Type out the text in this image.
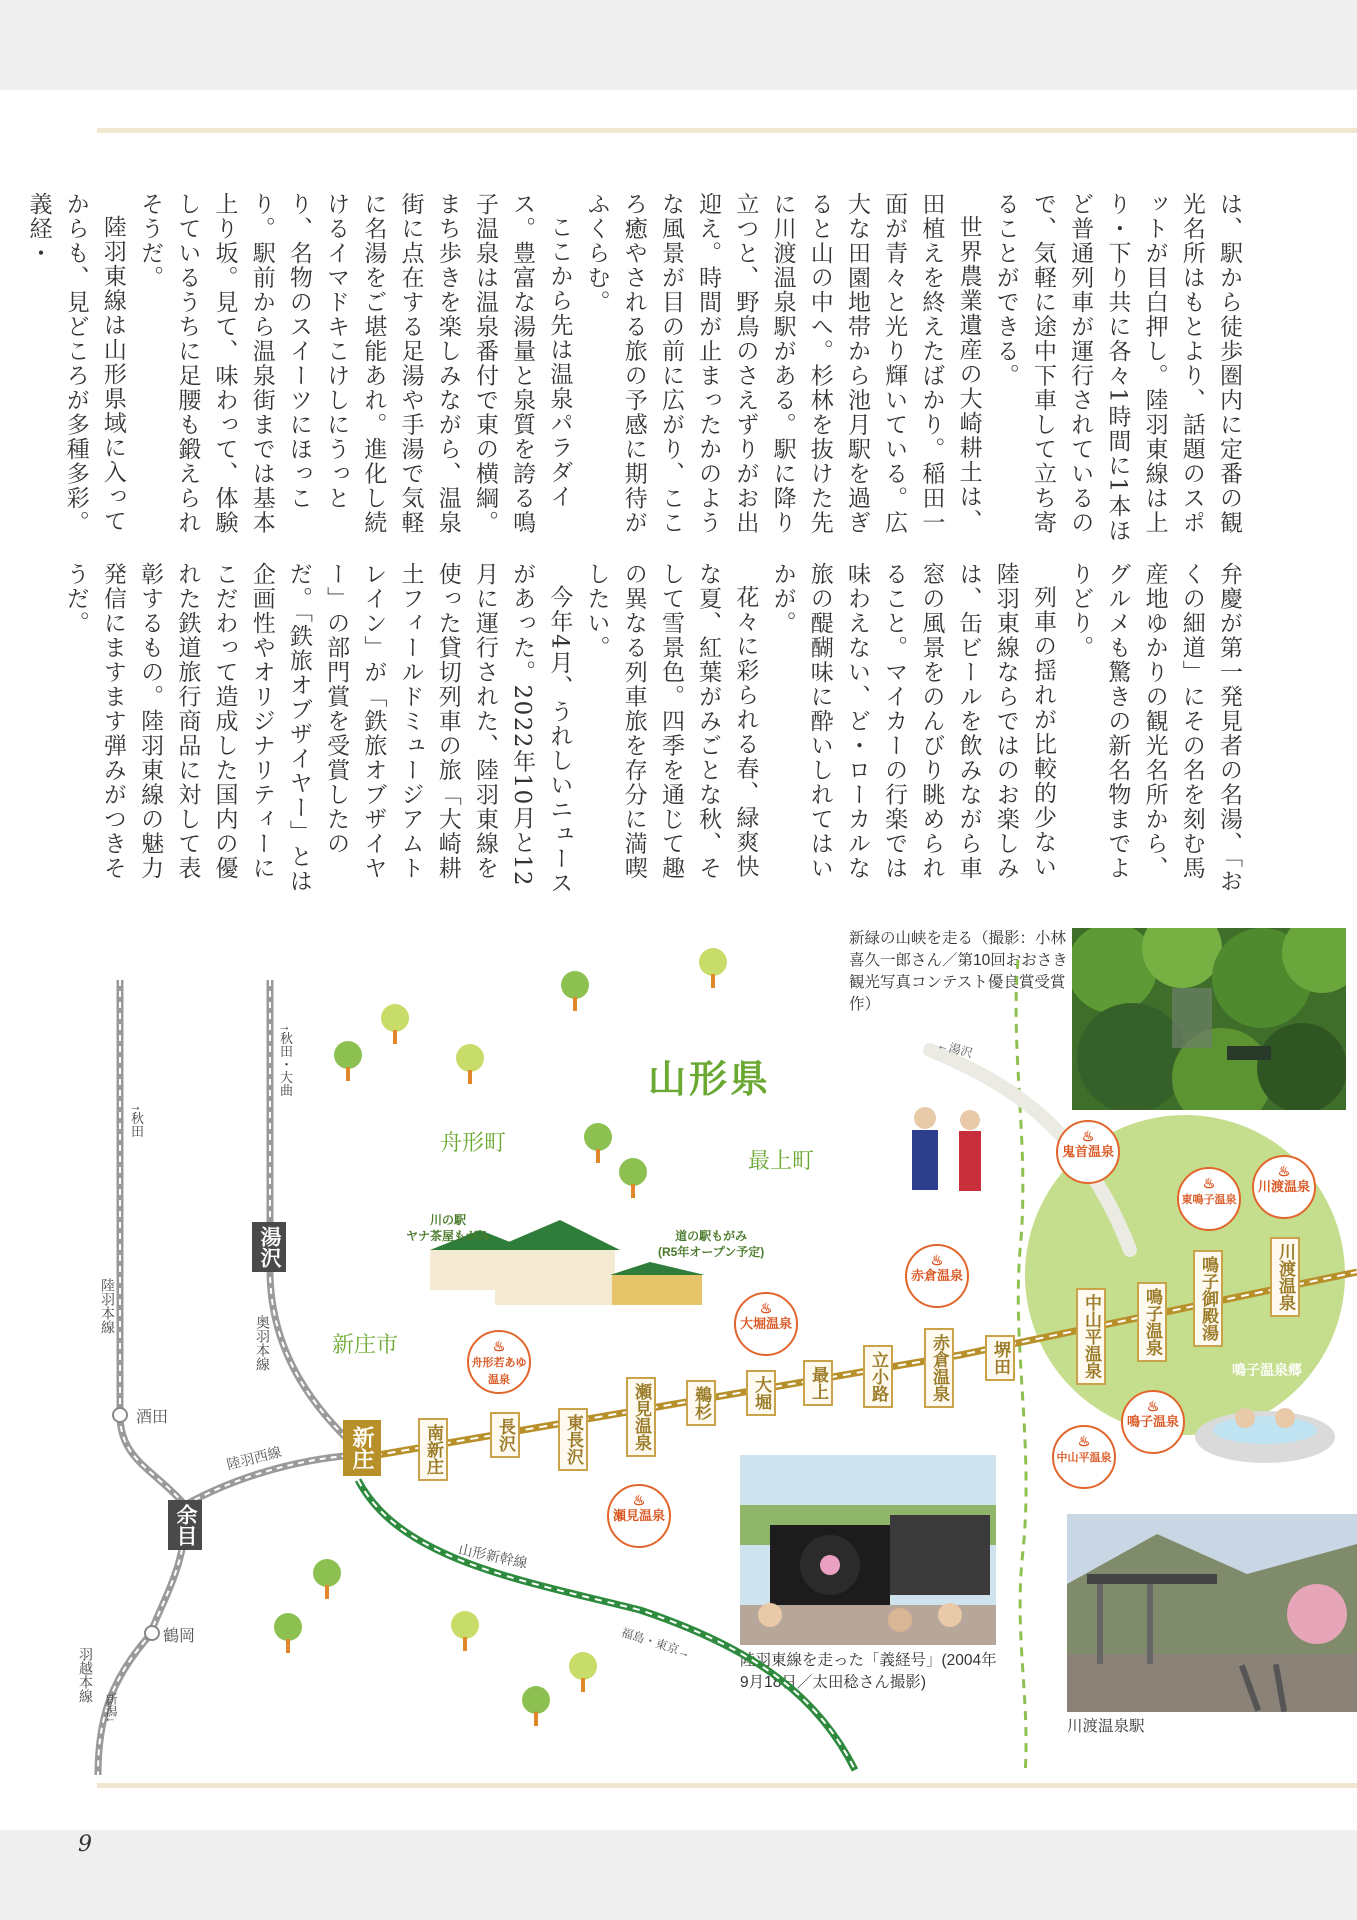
は、駅から徒歩圏内に定番の観光名所はもとより、話題のスポットが目白押し。陸羽東線は上り・下り共に各々1時間に1本ほど普通列車が運行されているので、気軽に途中下車して立ち寄ることができる。

世界農業遺産の大崎耕土は、田植えを終えたばかり。稲田一面が青々と光り輝いている。広大な田園地帯から池月駅を過ぎると山の中へ。杉林を抜けた先に川渡温泉駅がある。駅に降り立つと、野鳥のさえずりがお出迎え。時間が止まったかのような風景が目の前に広がり、こころ癒やされる旅の予感に期待がふくらむ。

ここから先は温泉パラダイス。豊富な湯量と泉質を誇る鳴子温泉は温泉番付で東の横綱。まち歩きを楽しみながら、温泉街に点在する足湯や手湯で気軽に名湯をご堪能あれ。進化し続けるイマドキこけしにうっとり、名物のスイーツにほっこり。駅前から温泉街までは基本上り坂。見て、味わって、体験しているうちに足腰も鍛えられそうだ。

陸羽東線は山形県域に入ってからも、見どころが多種多彩。義経・

弁慶が第一発見者の名湯、「おくの細道」にその名を刻む馬産地ゆかりの観光名所から、グルメも驚きの新名物までよりどり。

列車の揺れが比較的少ない陸羽東線ならではのお楽しみは、缶ビールを飲みながら車窓の風景をのんびり眺められること。マイカーの行楽では味わえない、ど・ローカルな旅の醍醐味に酔いしれてはいかが。

花々に彩られる春、緑爽快な夏、紅葉がみごとな秋、そして雪景色。四季を通じて趣の異なる列車旅を存分に満喫したい。

今年4月、うれしいニュースがあった。2022年10月と12月に運行された、陸羽東線を使った貸切列車の旅「大崎耕土フィールドミュージアムトレイン」が「鉄旅オブザイヤー」の部門賞を受賞したのだ。「鉄旅オブザイヤー」とは企画性やオリジナリティーにこだわって造成した国内の優れた鉄道旅行商品に対して表彰するもの。陸羽東線の魅力発信にますます弾みがつきそうだ。

新緑の山峡を走る（撮影：小林喜久一郎さん／第10回おおさき観光写真コンテスト優良賞受賞作）
陸羽東線を走った「義経号」(2004年9月18日／太田稔さん撮影)
川渡温泉駅
山形県
舟形町
最上町
新庄市
川の駅
ヤナ茶屋もがみ	道の駅もがみ
(R5年オープン予定)
湯沢
余目
酒田
鶴岡
↑秋田
↑秋田・大曲
陸羽本線
奥羽本線
羽越本線
新潟↓
陸羽西線
山形新幹線
福島・東京→
←湯沢
新庄	南新庄	長沢	東長沢	瀬見温泉	鵜杉	大堀	最上	立小路	赤倉温泉	堺田	中山平温泉	鳴子温泉	鳴子御殿湯	川渡温泉
♨
舟形若あゆ温泉
♨
瀬見温泉
♨
大堀温泉
♨
赤倉温泉
♨
鬼首温泉
♨
東鳴子温泉
♨
川渡温泉
♨
中山平温泉
♨
鳴子温泉
鳴子温泉郷
9
